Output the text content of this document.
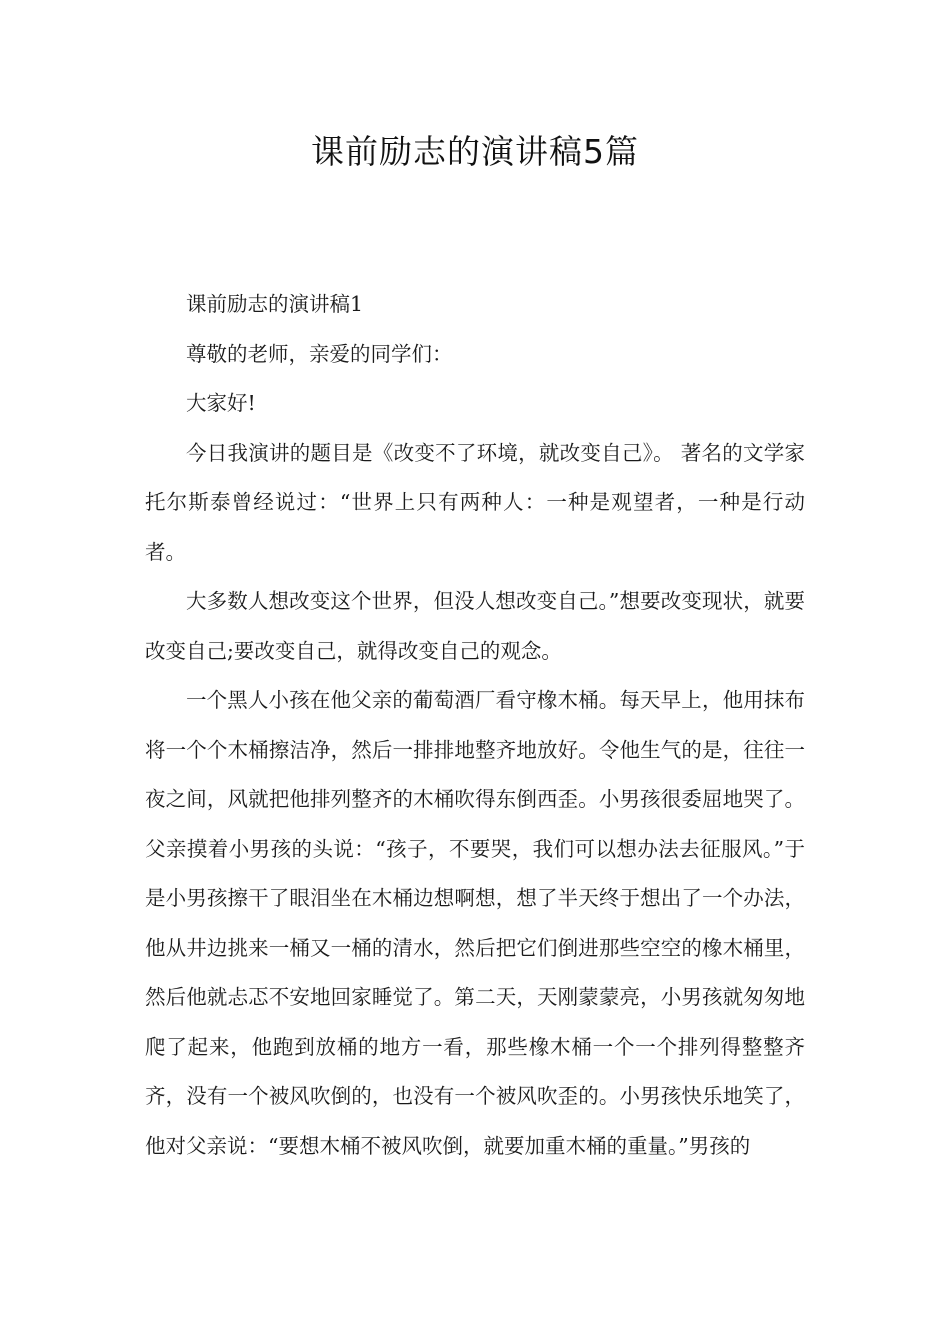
课前励志的演讲稿5篇

课前励志的演讲稿1

尊敬的老师，亲爱的同学们：

大家好!

今日我演讲的题目是《改变不了环境，就改变自己》。 著名的文学家托尔斯泰曾经说过：“世界上只有两种人：一种是观望者，一种是行动者。

大多数人想改变这个世界，但没人想改变自己。”想要改变现状，就要改变自己;要改变自己，就得改变自己的观念。

一个黑人小孩在他父亲的葡萄酒厂看守橡木桶。每天早上，他用抹布将一个个木桶擦洁净，然后一排排地整齐地放好。令他生气的是，往往一夜之间，风就把他排列整齐的木桶吹得东倒西歪。小男孩很委屈地哭了。父亲摸着小男孩的头说：“孩子，不要哭，我们可以想办法去征服风。”于是小男孩擦干了眼泪坐在木桶边想啊想，想了半天终于想出了一个办法，他从井边挑来一桶又一桶的清水，然后把它们倒进那些空空的橡木桶里，然后他就忐忑不安地回家睡觉了。第二天，天刚蒙蒙亮，小男孩就匆匆地爬了起来，他跑到放桶的地方一看，那些橡木桶一个一个排列得整整齐齐，没有一个被风吹倒的，也没有一个被风吹歪的。小男孩快乐地笑了，他对父亲说：“要想木桶不被风吹倒，就要加重木桶的重量。”男孩的
